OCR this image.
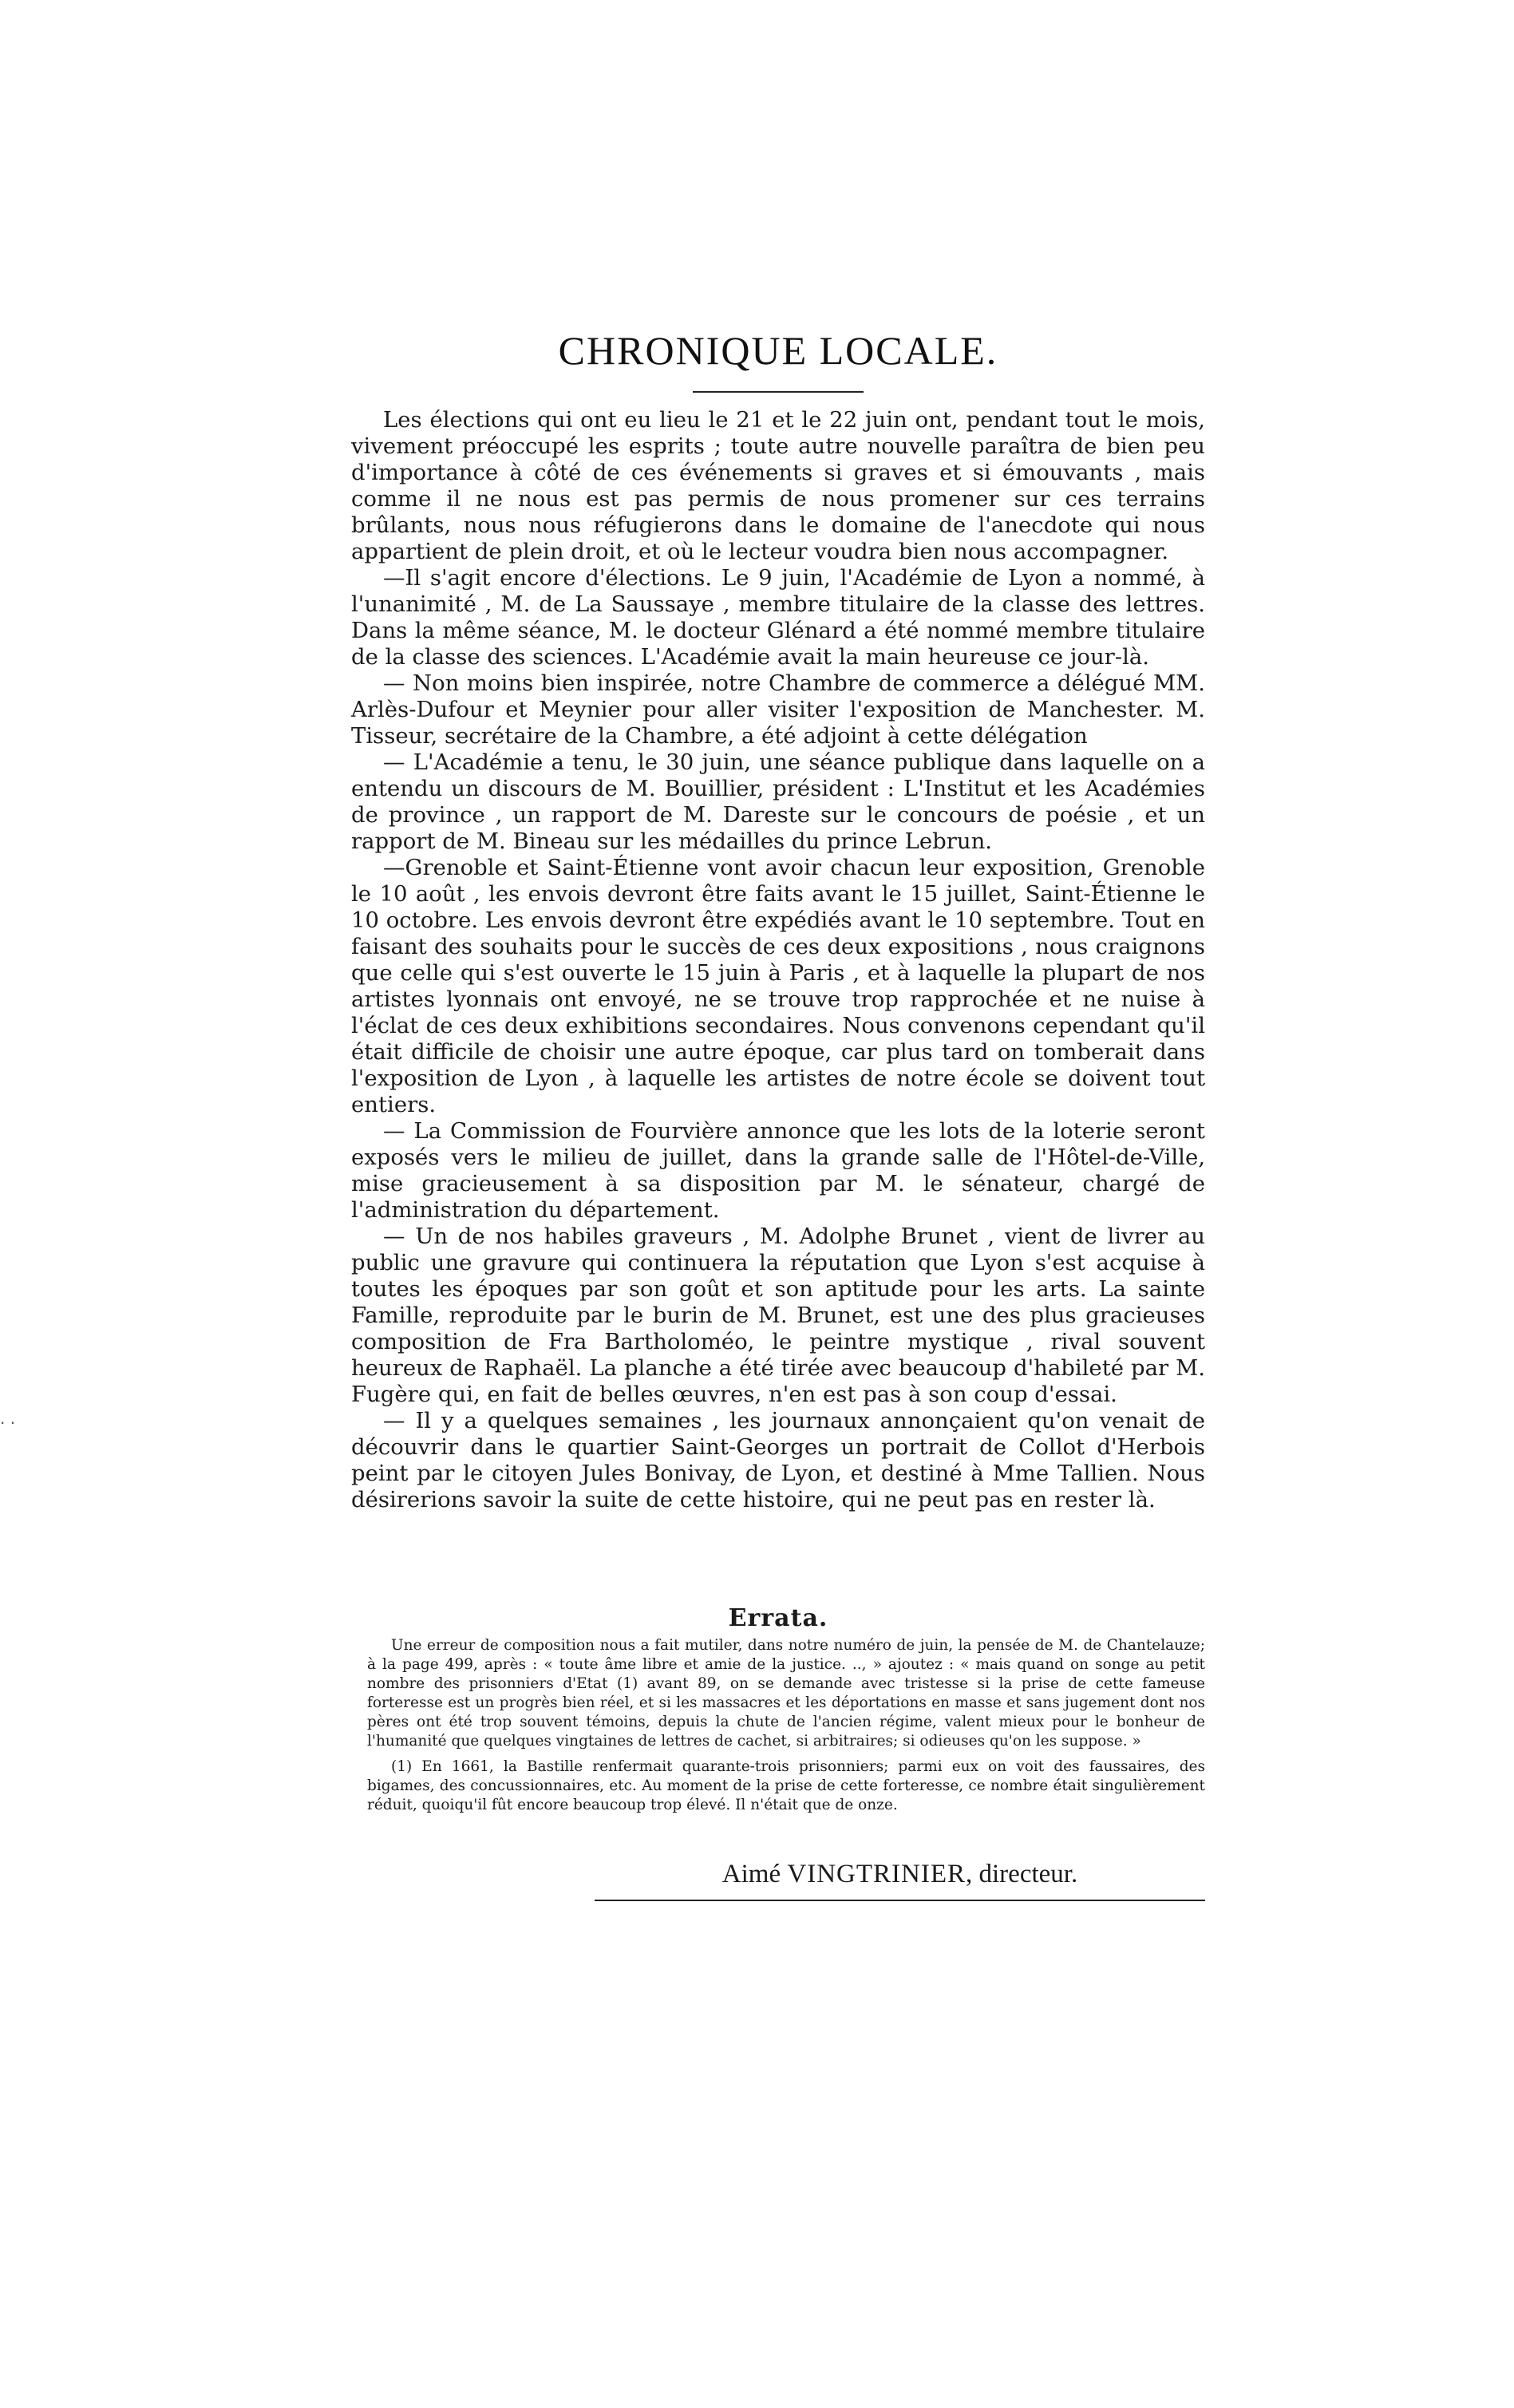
· ·
CHRONIQUE LOCALE.

Les élections qui ont eu lieu le 21 et le 22 juin ont, pendant tout le mois, vivement préoccupé les esprits ; toute autre nouvelle paraîtra de bien peu d'importance à côté de ces événements si graves et si émouvants , mais comme il ne nous est pas permis de nous promener sur ces terrains brûlants, nous nous réfugierons dans le domaine de l'anecdote qui nous appartient de plein droit, et où le lecteur voudra bien nous accompagner.

—Il s'agit encore d'élections. Le 9 juin, l'Académie de Lyon a nommé, à l'unanimité , M. de La Saussaye , membre titulaire de la classe des lettres. Dans la même séance, M. le docteur Glénard a été nommé membre titulaire de la classe des sciences. L'Académie avait la main heureuse ce jour-là.

— Non moins bien inspirée, notre Chambre de commerce a délégué MM. Arlès-Dufour et Meynier pour aller visiter l'exposition de Manchester. M. Tisseur, secrétaire de la Chambre, a été adjoint à cette délégation

— L'Académie a tenu, le 30 juin, une séance publique dans laquelle on a entendu un discours de M. Bouillier, président : L'Institut et les Académies de province , un rapport de M. Dareste sur le concours de poésie , et un rapport de M. Bineau sur les médailles du prince Lebrun.

—Grenoble et Saint-Étienne vont avoir chacun leur exposition, Grenoble le 10 août , les envois devront être faits avant le 15 juillet, Saint-Étienne le 10 octobre. Les envois devront être expédiés avant le 10 septembre. Tout en faisant des souhaits pour le succès de ces deux expositions , nous craignons que celle qui s'est ouverte le 15 juin à Paris , et à laquelle la plupart de nos artistes lyonnais ont envoyé, ne se trouve trop rapprochée et ne nuise à l'éclat de ces deux exhibitions secondaires. Nous convenons cependant qu'il était difficile de choisir une autre époque, car plus tard on tomberait dans l'exposition de Lyon , à laquelle les artistes de notre école se doivent tout entiers.

— La Commission de Fourvière annonce que les lots de la loterie seront exposés vers le milieu de juillet, dans la grande salle de l'Hôtel-de-Ville, mise gracieusement à sa disposition par M. le sénateur, chargé de l'administration du département.

— Un de nos habiles graveurs , M. Adolphe Brunet , vient de livrer au public une gravure qui continuera la réputation que Lyon s'est acquise à toutes les époques par son goût et son aptitude pour les arts. La sainte Famille, reproduite par le burin de M. Brunet, est une des plus gracieuses composition de Fra Bartholoméo, le peintre mystique , rival souvent heureux de Raphaël. La planche a été tirée avec beaucoup d'habileté par M. Fugère qui, en fait de belles œuvres, n'en est pas à son coup d'essai.

— Il y a quelques semaines , les journaux annonçaient qu'on venait de découvrir dans le quartier Saint-Georges un portrait de Collot d'Herbois peint par le citoyen Jules Bonivay, de Lyon, et destiné à Mme Tallien. Nous désirerions savoir la suite de cette histoire, qui ne peut pas en rester là.

Errata.

Une erreur de composition nous a fait mutiler, dans notre numéro de juin, la pensée de M. de Chantelauze; à la page 499, après : « toute âme libre et amie de la justice. .., » ajoutez : « mais quand on songe au petit nombre des prisonniers d'Etat (1) avant 89, on se demande avec tristesse si la prise de cette fameuse forteresse est un progrès bien réel, et si les massacres et les déportations en masse et sans jugement dont nos pères ont été trop souvent témoins, depuis la chute de l'ancien régime, valent mieux pour le bonheur de l'humanité que quelques vingtaines de lettres de cachet, si arbitraires; si odieuses qu'on les suppose. »

(1) En 1661, la Bastille renfermait quarante-trois prisonniers; parmi eux on voit des faussaires, des bigames, des concussionnaires, etc. Au moment de la prise de cette forteresse, ce nombre était singulièrement réduit, quoiqu'il fût encore beaucoup trop élevé. Il n'était que de onze.

Aimé VINGTRINIER, directeur.
